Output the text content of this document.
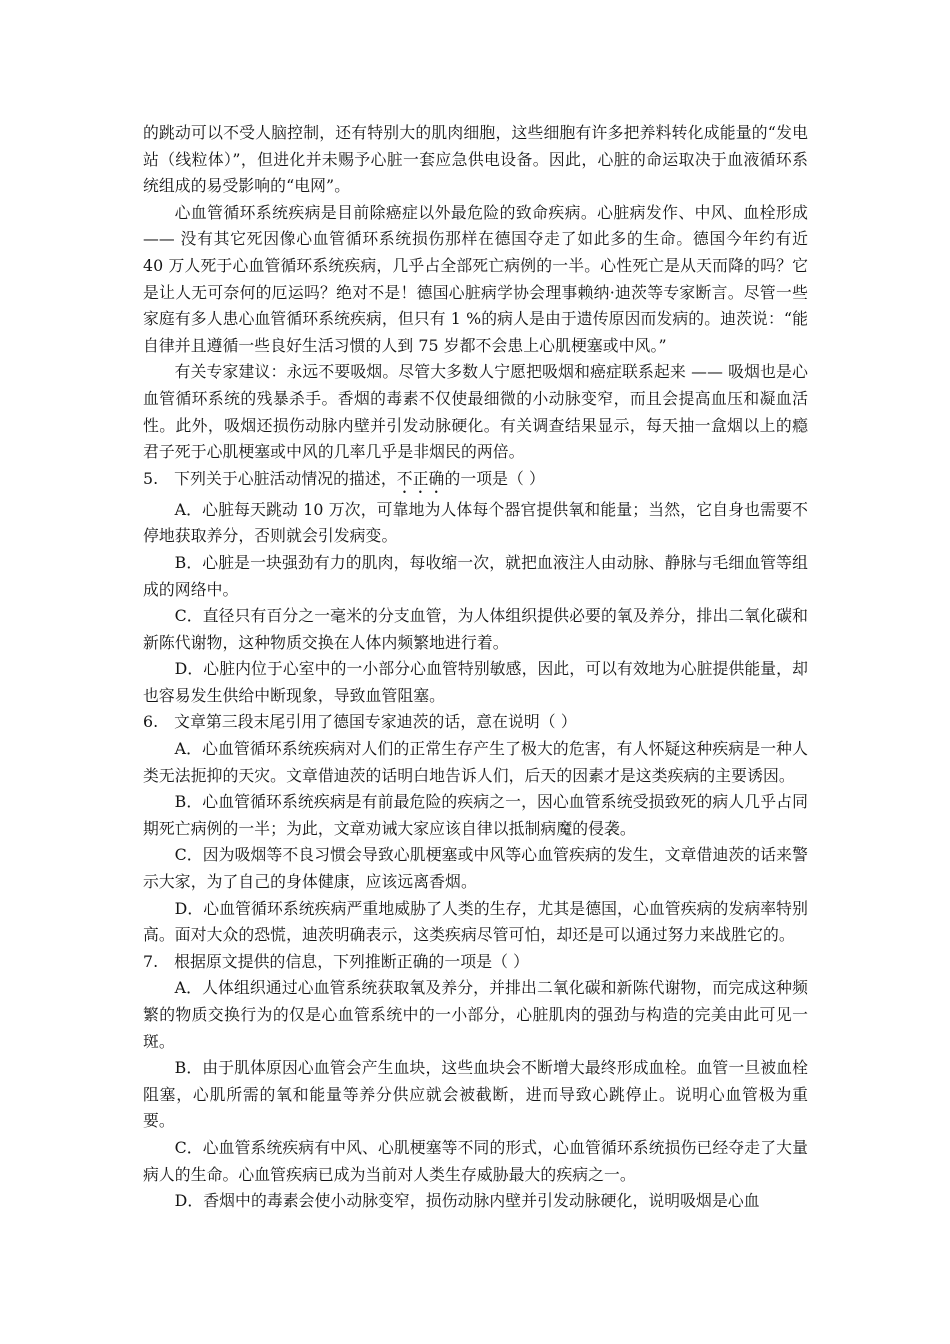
的跳动可以不受人脑控制，还有特别大的肌肉细胞，这些细胞有许多把养料转化成能量的“发电站（线粒体）”，但进化并未赐予心脏一套应急供电设备。因此，心脏的命运取决于血液循环系统组成的易受影响的“电网”。

心血管循环系统疾病是目前除癌症以外最危险的致命疾病。心脏病发作、中风、血栓形成 —— 没有其它死因像心血管循环系统损伤那样在德国夺走了如此多的生命。德国今年约有近 40 万人死于心血管循环系统疾病，几乎占全部死亡病例的一半。心性死亡是从天而降的吗？它是让人无可奈何的厄运吗？绝对不是！德国心脏病学协会理事赖纳·迪茨等专家断言。尽管一些家庭有多人患心血管循环系统疾病，但只有 1 %的病人是由于遗传原因而发病的。迪茨说：“能自律并且遵循一些良好生活习惯的人到 75 岁都不会患上心肌梗塞或中风。”

有关专家建议：永远不要吸烟。尽管大多数人宁愿把吸烟和癌症联系起来 —— 吸烟也是心血管循环系统的残暴杀手。香烟的毒素不仅使最细微的小动脉变窄，而且会提高血压和凝血活性。此外，吸烟还损伤动脉内壁并引发动脉硬化。有关调查结果显示，每天抽一盒烟以上的瘾君子死于心肌梗塞或中风的几率几乎是非烟民的两倍。

5.　下列关于心脏活动情况的描述，不正确的一项是（ ）

A．心脏每天跳动 10 万次，可靠地为人体每个器官提供氧和能量；当然，它自身也需要不停地获取养分，否则就会引发病变。

B．心脏是一块强劲有力的肌肉，每收缩一次，就把血液注人由动脉、静脉与毛细血管等组成的网络中。

C．直径只有百分之一毫米的分支血管，为人体组织提供必要的氧及养分，排出二氧化碳和新陈代谢物，这种物质交换在人体内频繁地进行着。

D．心脏内位于心室中的一小部分心血管特别敏感，因此，可以有效地为心脏提供能量，却也容易发生供给中断现象，导致血管阻塞。

6.　文章第三段末尾引用了德国专家迪茨的话，意在说明（ ）

A．心血管循环系统疾病对人们的正常生存产生了极大的危害，有人怀疑这种疾病是一种人类无法扼抑的天灾。文章借迪茨的话明白地告诉人们，后天的因素才是这类疾病的主要诱因。

B．心血管循环系统疾病是有前最危险的疾病之一，因心血管系统受损致死的病人几乎占同期死亡病例的一半；为此，文章劝诫大家应该自律以抵制病魔的侵袭。

C．因为吸烟等不良习惯会导致心肌梗塞或中风等心血管疾病的发生，文章借迪茨的话来警示大家，为了自己的身体健康，应该远离香烟。

D．心血管循环系统疾病严重地威胁了人类的生存，尤其是德国，心血管疾病的发病率特别高。面对大众的恐慌，迪茨明确表示，这类疾病尽管可怕，却还是可以通过努力来战胜它的。

7.　根据原文提供的信息，下列推断正确的一项是（ ）

A．人体组织通过心血管系统获取氧及养分，并排出二氧化碳和新陈代谢物，而完成这种频繁的物质交换行为的仅是心血管系统中的一小部分，心脏肌肉的强劲与构造的完美由此可见一斑。

B．由于肌体原因心血管会产生血块，这些血块会不断增大最终形成血栓。血管一旦被血栓阻塞，心肌所需的氧和能量等养分供应就会被截断，进而导致心跳停止。说明心血管极为重要。

C．心血管系统疾病有中风、心肌梗塞等不同的形式，心血管循环系统损伤已经夺走了大量病人的生命。心血管疾病已成为当前对人类生存威胁最大的疾病之一。

D．香烟中的毒素会使小动脉变窄，损伤动脉内壁并引发动脉硬化，说明吸烟是心血
